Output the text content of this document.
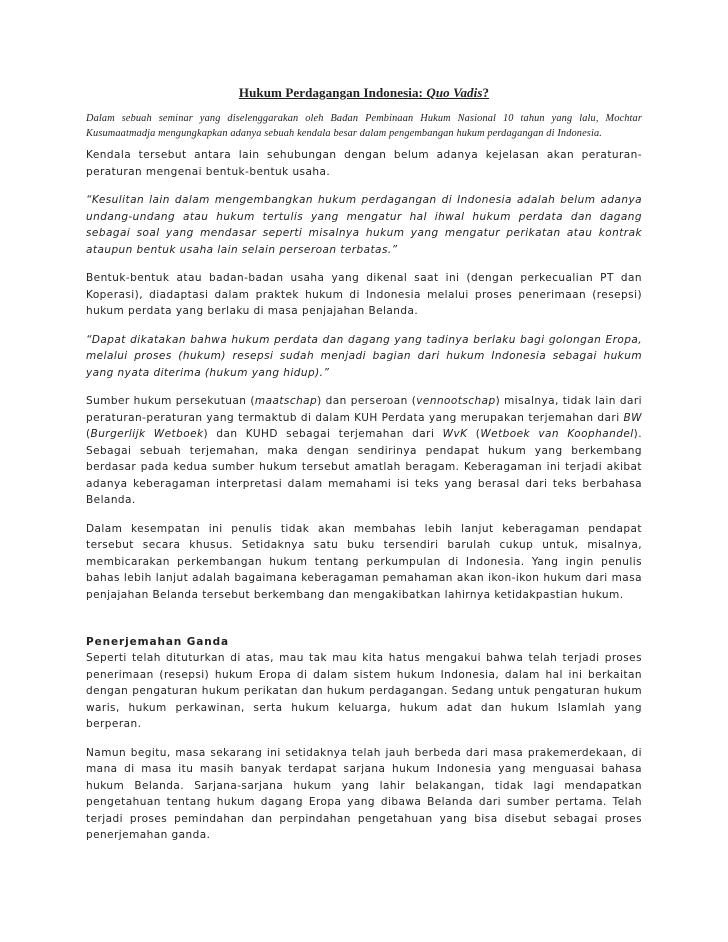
Hukum Perdagangan Indonesia: Quo Vadis?
Dalam sebuah seminar yang diselenggarakan oleh Badan Pembinaan Hukum Nasional 10 tahun yang lalu, Mochtar Kusumaatmadja mengungkapkan adanya sebuah kendala besar dalam pengembangan hukum perdagangan di Indonesia.

Kendala tersebut antara lain sehubungan dengan belum adanya kejelasan akan peraturan-peraturan mengenai bentuk-bentuk usaha.

“Kesulitan lain dalam mengembangkan hukum perdagangan di Indonesia adalah belum adanya undang-undang atau hukum tertulis yang mengatur hal ihwal hukum perdata dan dagang sebagai soal yang mendasar seperti misalnya hukum yang mengatur perikatan atau kontrak ataupun bentuk usaha lain selain perseroan terbatas.”

Bentuk-bentuk atau badan-badan usaha yang dikenal saat ini (dengan perkecualian PT dan Koperasi), diadaptasi dalam praktek hukum di Indonesia melalui proses penerimaan (resepsi) hukum perdata yang berlaku di masa penjajahan Belanda.

“Dapat dikatakan bahwa hukum perdata dan dagang yang tadinya berlaku bagi golongan Eropa, melalui proses (hukum) resepsi sudah menjadi bagian dari hukum Indonesia sebagai hukum yang nyata diterima (hukum yang hidup).”

Sumber hukum persekutuan (maatschap) dan perseroan (vennootschap) misalnya, tidak lain dari peraturan-peraturan yang termaktub di dalam KUH Perdata yang merupakan terjemahan dari BW (Burgerlijk Wetboek) dan KUHD sebagai terjemahan dari WvK (Wetboek van Koophandel). Sebagai sebuah terjemahan, maka dengan sendirinya pendapat hukum yang berkembang berdasar pada kedua sumber hukum tersebut amatlah beragam. Keberagaman ini terjadi akibat adanya keberagaman interpretasi dalam memahami isi teks yang berasal dari teks berbahasa Belanda.

Dalam kesempatan ini penulis tidak akan membahas lebih lanjut keberagaman pendapat tersebut secara khusus. Setidaknya satu buku tersendiri barulah cukup untuk, misalnya, membicarakan perkembangan hukum tentang perkumpulan di Indonesia. Yang ingin penulis bahas lebih lanjut adalah bagaimana keberagaman pemahaman akan ikon-ikon hukum dari masa penjajahan Belanda tersebut berkembang dan mengakibatkan lahirnya ketidakpastian hukum.

Penerjemahan Ganda

Seperti telah dituturkan di atas, mau tak mau kita hatus mengakui bahwa telah terjadi proses penerimaan (resepsi) hukum Eropa di dalam sistem hukum Indonesia, dalam hal ini berkaitan dengan pengaturan hukum perikatan dan hukum perdagangan. Sedang untuk pengaturan hukum waris, hukum perkawinan, serta hukum keluarga, hukum adat dan hukum Islamlah yang berperan.

Namun begitu, masa sekarang ini setidaknya telah jauh berbeda dari masa prakemerdekaan, di mana di masa itu masih banyak terdapat sarjana hukum Indonesia yang menguasai bahasa hukum Belanda. Sarjana-sarjana hukum yang lahir belakangan, tidak lagi mendapatkan pengetahuan tentang hukum dagang Eropa yang dibawa Belanda dari sumber pertama. Telah terjadi proses pemindahan dan perpindahan pengetahuan yang bisa disebut sebagai proses penerjemahan ganda.
